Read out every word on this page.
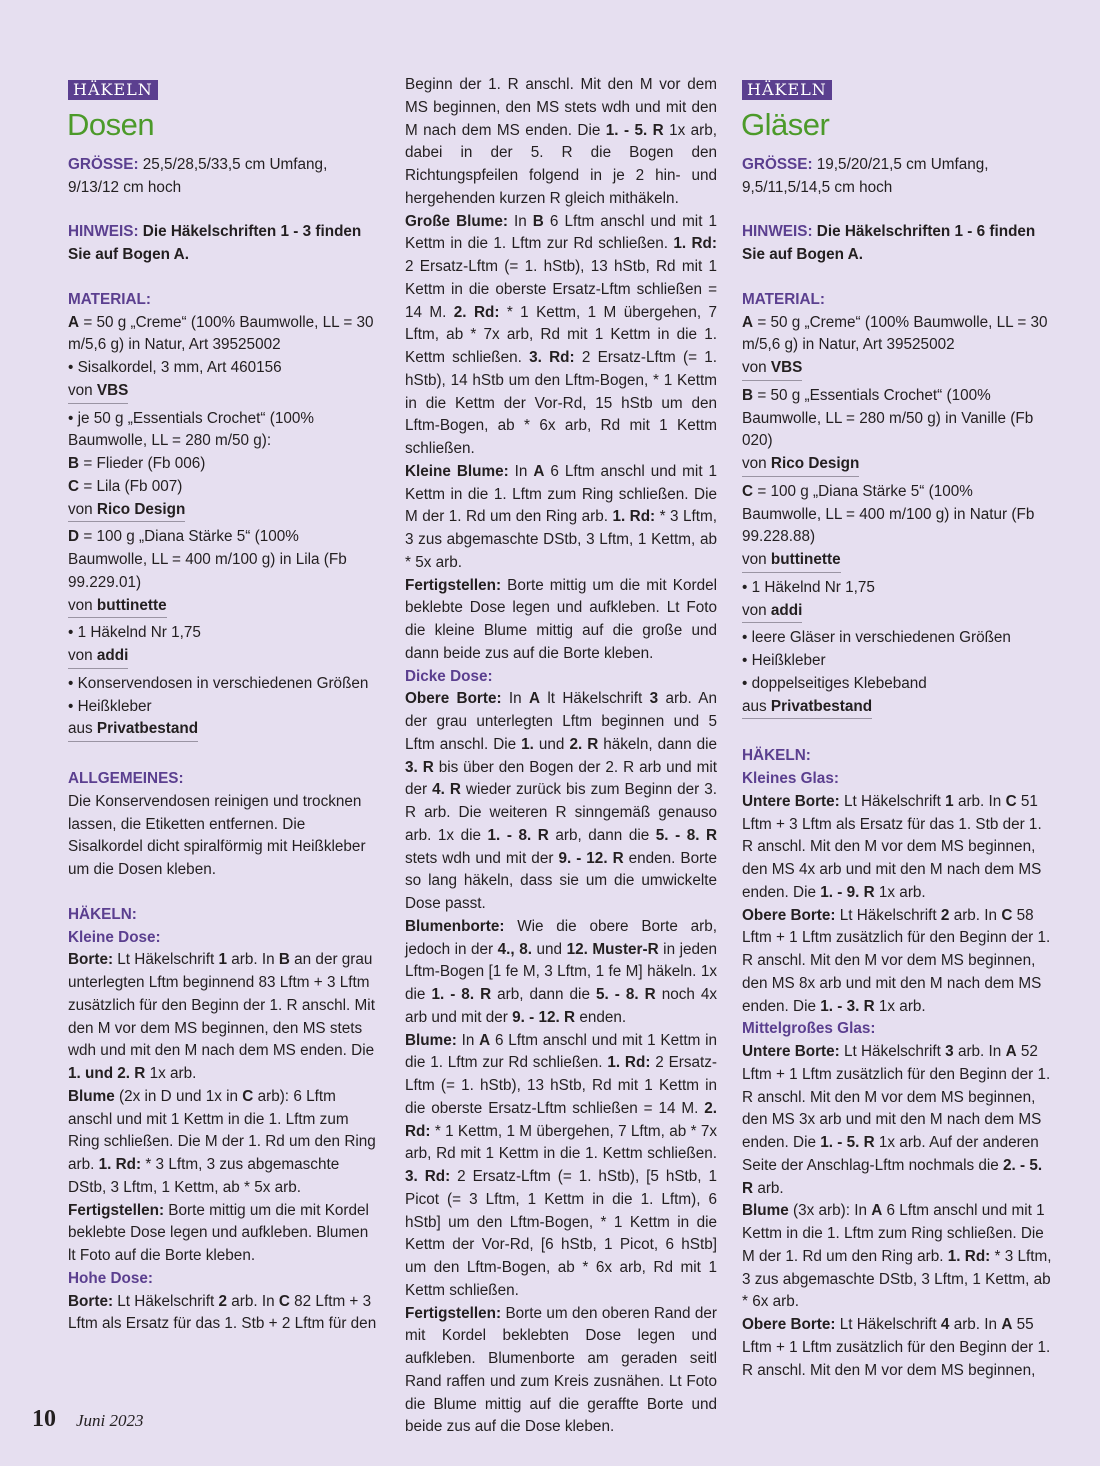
HÄKELN
Dosen

GRÖSSE: 25,5/28,5/33,5 cm Umfang, 9/13/12 cm hoch

HINWEIS: Die Häkelschriften 1 - 3 finden Sie auf Bogen A.

MATERIAL:

A = 50 g „Creme“ (100% Baumwolle, LL = 30 m/5,6 g) in Natur, Art 39525002

• Sisalkordel, 3 mm, Art 460156

von VBS

• je 50 g „Essentials Crochet“ (100% Baumwolle, LL = 280 m/50 g):

B = Flieder (Fb 006)

C = Lila (Fb 007)

von Rico Design

D = 100 g „Diana Stärke 5“ (100% Baumwolle, LL = 400 m/100 g) in Lila (Fb 99.229.01)

von buttinette

• 1 Häkelnd Nr 1,75

von addi

• Konservendosen in verschiedenen Größen

• Heißkleber

aus Privatbestand

ALLGEMEINES:

Die Konservendosen reinigen und trocknen lassen, die Etiketten entfernen. Die Sisalkordel dicht spiralförmig mit Heißkleber um die Dosen kleben.

HÄKELN:

Kleine Dose:

Borte: Lt Häkelschrift 1 arb. In B an der grau unterlegten Lftm beginnend 83 Lftm + 3 Lftm zusätzlich für den Beginn der 1. R anschl. Mit den M vor dem MS beginnen, den MS stets wdh und mit den M nach dem MS enden. Die 1. und 2. R 1x arb.

Blume (2x in D und 1x in C arb): 6 Lftm anschl und mit 1 Kettm in die 1. Lftm zum Ring schließen. Die M der 1. Rd um den Ring arb. 1. Rd: * 3 Lftm, 3 zus abgemaschte DStb, 3 Lftm, 1 Kettm, ab * 5x arb.

Fertigstellen: Borte mittig um die mit Kordel beklebte Dose legen und aufkleben. Blumen lt Foto auf die Borte kleben.

Hohe Dose:

Borte: Lt Häkelschrift 2 arb. In C 82 Lftm + 3 Lftm als Ersatz für das 1. Stb + 2 Lftm für den

Beginn der 1. R anschl. Mit den M vor dem MS beginnen, den MS stets wdh und mit den M nach dem MS enden. Die 1. - 5. R 1x arb, dabei in der 5. R die Bogen den Richtungspfeilen folgend in je 2 hin- und hergehenden kurzen R gleich mithäkeln.

Große Blume: In B 6 Lftm anschl und mit 1 Kettm in die 1. Lftm zur Rd schließen. 1. Rd: 2 Ersatz-Lftm (= 1. hStb), 13 hStb, Rd mit 1 Kettm in die oberste Ersatz-Lftm schließen = 14 M. 2. Rd: * 1 Kettm, 1 M übergehen, 7 Lftm, ab * 7x arb, Rd mit 1 Kettm in die 1. Kettm schließen. 3. Rd: 2 Ersatz-Lftm (= 1. hStb), 14 hStb um den Lftm-Bogen, * 1 Kettm in die Kettm der Vor-Rd, 15 hStb um den Lftm-Bogen, ab * 6x arb, Rd mit 1 Kettm schließen.

Kleine Blume: In A 6 Lftm anschl und mit 1 Kettm in die 1. Lftm zum Ring schließen. Die M der 1. Rd um den Ring arb. 1. Rd: * 3 Lftm, 3 zus abgemaschte DStb, 3 Lftm, 1 Kettm, ab * 5x arb.

Fertigstellen: Borte mittig um die mit Kordel beklebte Dose legen und aufkleben. Lt Foto die kleine Blume mittig auf die große und dann beide zus auf die Borte kleben.

Dicke Dose:

Obere Borte: In A lt Häkelschrift 3 arb. An der grau unterlegten Lftm beginnen und 5 Lftm anschl. Die 1. und 2. R häkeln, dann die 3. R bis über den Bogen der 2. R arb und mit der 4. R wieder zurück bis zum Beginn der 3. R arb. Die weiteren R sinngemäß genauso arb. 1x die 1. - 8. R arb, dann die 5. - 8. R stets wdh und mit der 9. - 12. R enden. Borte so lang häkeln, dass sie um die umwickelte Dose passt.

Blumenborte: Wie die obere Borte arb, jedoch in der 4., 8. und 12. Muster-R in jeden Lftm-Bogen [1 fe M, 3 Lftm, 1 fe M] häkeln. 1x die 1. - 8. R arb, dann die 5. - 8. R noch 4x arb und mit der 9. - 12. R enden.

Blume: In A 6 Lftm anschl und mit 1 Kettm in die 1. Lftm zur Rd schließen. 1. Rd: 2 Ersatz-Lftm (= 1. hStb), 13 hStb, Rd mit 1 Kettm in die oberste Ersatz-Lftm schließen = 14 M. 2. Rd: * 1 Kettm, 1 M übergehen, 7 Lftm, ab * 7x arb, Rd mit 1 Kettm in die 1. Kettm schließen. 3. Rd: 2 Ersatz-Lftm (= 1. hStb), [5 hStb, 1 Picot (= 3 Lftm, 1 Kettm in die 1. Lftm), 6 hStb] um den Lftm-Bogen, * 1 Kettm in die Kettm der Vor-Rd, [6 hStb, 1 Picot, 6 hStb] um den Lftm-Bogen, ab * 6x arb, Rd mit 1 Kettm schließen.

Fertigstellen: Borte um den oberen Rand der mit Kordel beklebten Dose legen und aufkleben. Blumenborte am geraden seitl Rand raffen und zum Kreis zusnähen. Lt Foto die Blume mittig auf die geraffte Borte und beide zus auf die Dose kleben.

HÄKELN
Gläser

GRÖSSE: 19,5/20/21,5 cm Umfang, 9,5/11,5/14,5 cm hoch

HINWEIS: Die Häkelschriften 1 - 6 finden Sie auf Bogen A.

MATERIAL:

A = 50 g „Creme“ (100% Baumwolle, LL = 30 m/5,6 g) in Natur, Art 39525002

von VBS

B = 50 g „Essentials Crochet“ (100% Baumwolle, LL = 280 m/50 g) in Vanille (Fb 020)

von Rico Design

C = 100 g „Diana Stärke 5“ (100% Baumwolle, LL = 400 m/100 g) in Natur (Fb 99.228.88)

von buttinette

• 1 Häkelnd Nr 1,75

von addi

• leere Gläser in verschiedenen Größen

• Heißkleber

• doppelseitiges Klebeband

aus Privatbestand

HÄKELN:

Kleines Glas:

Untere Borte: Lt Häkelschrift 1 arb. In C 51 Lftm + 3 Lftm als Ersatz für das 1. Stb der 1. R anschl. Mit den M vor dem MS beginnen, den MS 4x arb und mit den M nach dem MS enden. Die 1. - 9. R 1x arb.

Obere Borte: Lt Häkelschrift 2 arb. In C 58 Lftm + 1 Lftm zusätzlich für den Beginn der 1. R anschl. Mit den M vor dem MS beginnen, den MS 8x arb und mit den M nach dem MS enden. Die 1. - 3. R 1x arb.

Mittelgroßes Glas:

Untere Borte: Lt Häkelschrift 3 arb. In A 52 Lftm + 1 Lftm zusätzlich für den Beginn der 1. R anschl. Mit den M vor dem MS beginnen, den MS 3x arb und mit den M nach dem MS enden. Die 1. - 5. R 1x arb. Auf der anderen Seite der Anschlag-Lftm nochmals die 2. - 5. R arb.

Blume (3x arb): In A 6 Lftm anschl und mit 1 Kettm in die 1. Lftm zum Ring schließen. Die M der 1. Rd um den Ring arb. 1. Rd: * 3 Lftm, 3 zus abgemaschte DStb, 3 Lftm, 1 Kettm, ab * 6x arb.

Obere Borte: Lt Häkelschrift 4 arb. In A 55 Lftm + 1 Lftm zusätzlich für den Beginn der 1. R anschl. Mit den M vor dem MS beginnen,

10 Juni 2023
